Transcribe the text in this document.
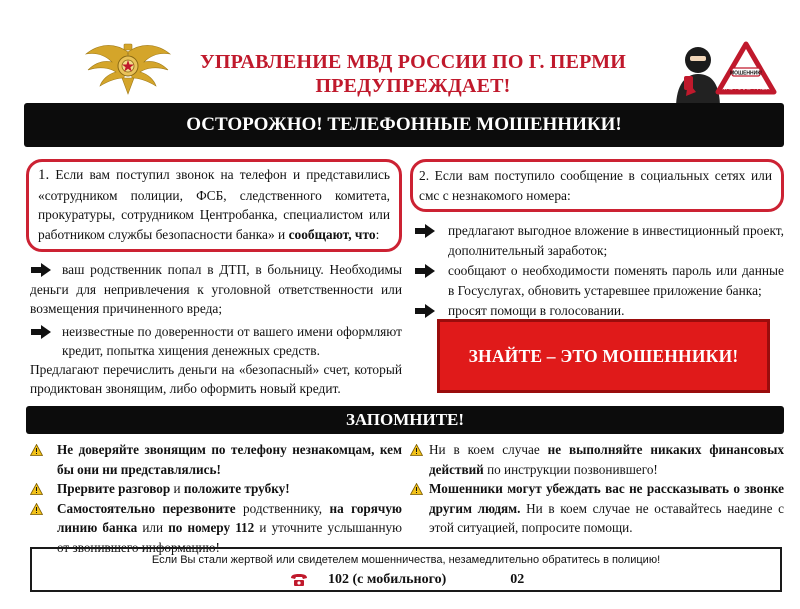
УПРАВЛЕНИЕ МВД РОССИИ ПО Г. ПЕРМИ
ПРЕДУПРЕЖДАЕТ!
МОШЕННИК!
БУДЬТЕ БДИТЕЛЬНЫ!
ОСТОРОЖНО! ТЕЛЕФОННЫЕ МОШЕННИКИ!
1. Если вам поступил звонок на телефон и представились «сотрудником полиции, ФСБ, следственного комитета, прокуратуры, сотрудником Центробанка, специалистом или работником службы безопасности банка» и сообщают, что:
ваш родственник попал в ДТП, в больницу. Необходимы деньги для непривлечения к уголовной ответственности или возмещения причиненного вреда;
неизвестные по доверенности от вашего имени оформляют кредит, попытка хищения денежных средств.
Предлагают перечислить деньги на «безопасный» счет, который продиктован звонящим, либо оформить новый кредит.
2. Если вам поступило сообщение в социальных сетях или смс с незнакомого номера:
предлагают выгодное вложение в инвестиционный проект, дополнительный заработок;
сообщают о необходимости поменять пароль или данные в Госуслугах, обновить устаревшее приложение банка;
просят помощи в голосовании.
ЗНАЙТЕ – ЭТО МОШЕННИКИ!
ЗАПОМНИТЕ!
Не доверяйте звонящим по телефону незнакомцам, кем бы они ни представлялись!
Прервите разговор и положите трубку!
Самостоятельно перезвоните родственнику, на горячую линию банка или по номеру 112 и уточните услышанную от звонившего информацию!
Ни в коем случае не выполняйте никаких финансовых действий по инструкции позвонившего!
Мошенники могут убеждать вас не рассказывать о звонке другим людям. Ни в коем случае не оставайтесь наедине с этой ситуацией, попросите помощи.
Если Вы стали жертвой или свидетелем мошенничества, незамедлительно обратитесь в полицию!
102 (с мобильного)	02
